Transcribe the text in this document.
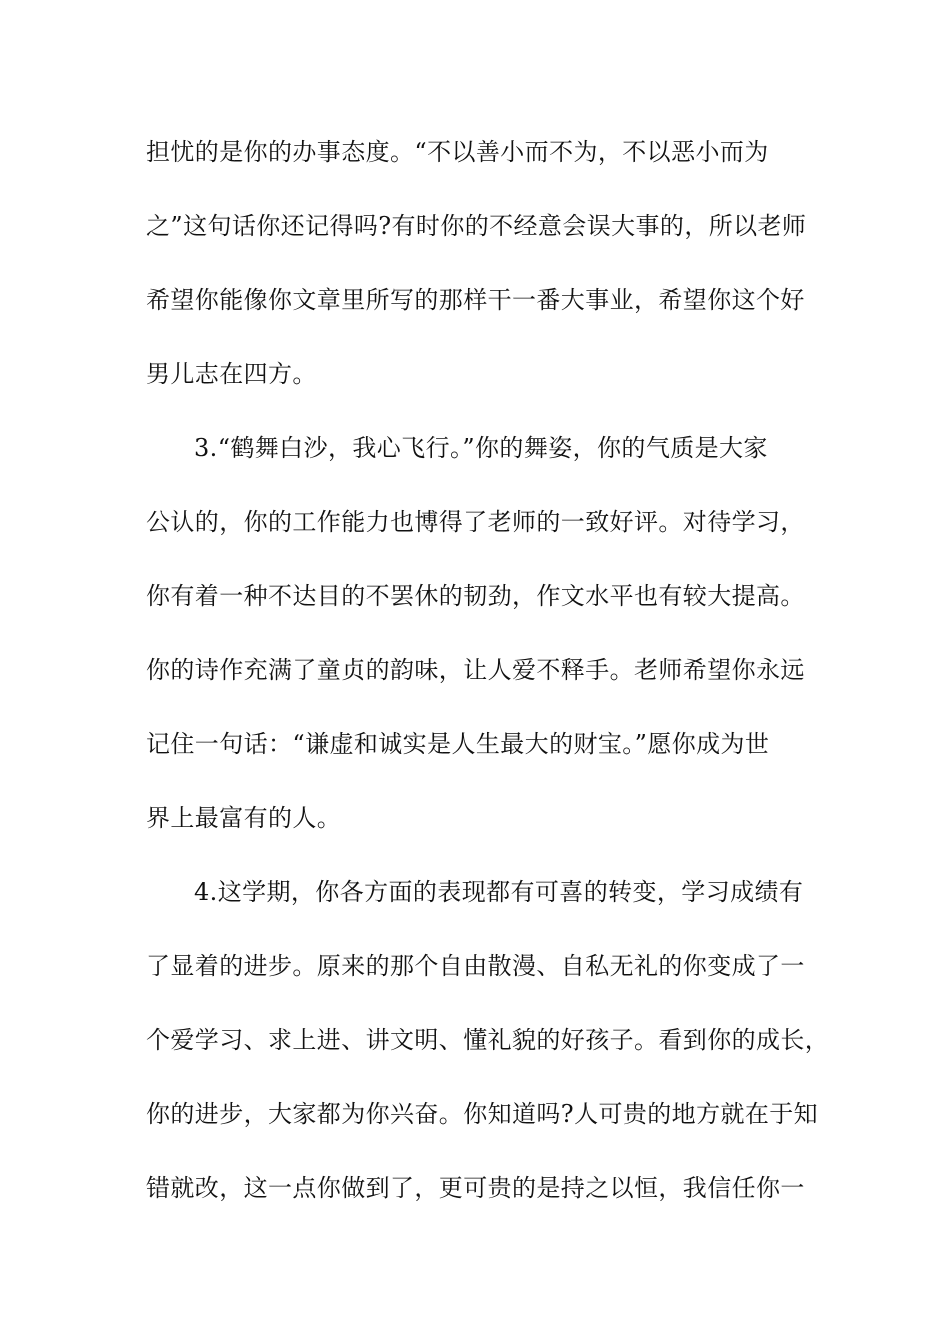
担忧的是你的办事态度。“不以善小而不为，不以恶小而为
之”这句话你还记得吗?有时你的不经意会误大事的，所以老师
希望你能像你文章里所写的那样干一番大事业，希望你这个好
男儿志在四方。
3.“鹤舞白沙，我心飞行。”你的舞姿，你的气质是大家
公认的，你的工作能力也博得了老师的一致好评。对待学习，
你有着一种不达目的不罢休的韧劲，作文水平也有较大提高。
你的诗作充满了童贞的韵味，让人爱不释手。老师希望你永远
记住一句话：“谦虚和诚实是人生最大的财宝。”愿你成为世
界上最富有的人。
4.这学期，你各方面的表现都有可喜的转变，学习成绩有
了显着的进步。原来的那个自由散漫、自私无礼的你变成了一
个爱学习、求上进、讲文明、懂礼貌的好孩子。看到你的成长，
你的进步，大家都为你兴奋。你知道吗?人可贵的地方就在于知
错就改，这一点你做到了，更可贵的是持之以恒，我信任你一
